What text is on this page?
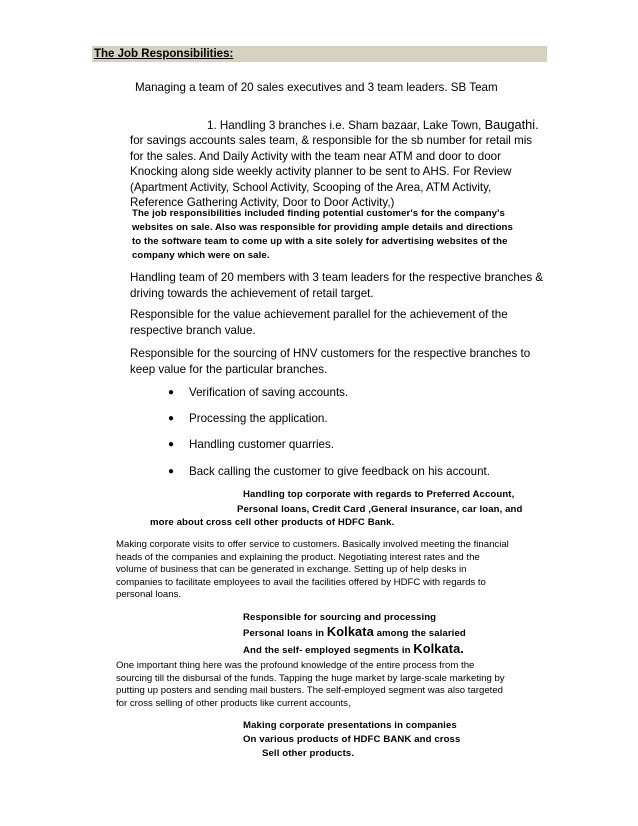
The Job Responsibilities:
Managing a team of 20 sales executives and 3 team leaders. SB Team
1. Handling 3 branches i.e. Sham bazaar, Lake Town, Baugathi.
for savings accounts sales team, & responsible for the sb number for retail mis
for the sales. And Daily Activity with the team near ATM and door to door
Knocking along side weekly activity planner to be sent to AHS. For Review
(Apartment Activity, School Activity, Scooping of the Area, ATM Activity,
Reference Gathering Activity, Door to Door Activity,)
The job responsibilities included finding potential customer's for the company's
websites on sale. Also was responsible for providing ample details and directions
to the software team to come up with a site solely for advertising websites of the
company which were on sale.
Handling team of 20 members with 3 team leaders for the respective branches &
driving towards the achievement of retail target.
Responsible for the value achievement parallel for the achievement of the
respective branch value.
Responsible for the sourcing of HNV customers for the respective branches to
keep value for the particular branches.
● Verification of saving accounts.
● Processing the application.
● Handling customer quarries.
● Back calling the customer to give feedback on his account.
Handling top corporate with regards to Preferred Account,
Personal loans, Credit Card ,General insurance, car loan, and
more about cross cell other products of HDFC Bank.
Making corporate visits to offer service to customers. Basically involved meeting the financial
heads of the companies and explaining the product. Negotiating interest rates and the
volume of business that can be generated in exchange. Setting up of help desks in
companies to facilitate employees to avail the facilities offered by HDFC with regards to
personal loans.
Responsible for sourcing and processing
Personal loans in Kolkata among the salaried
And the self- employed segments in Kolkata.
One important thing here was the profound knowledge of the entire process from the
sourcing till the disbursal of the funds. Tapping the huge market by large-scale marketing by
putting up posters and sending mail busters. The self-employed segment was also targeted
for cross selling of other products like current accounts,
Making corporate presentations in companies
On various products of HDFC BANK and cross
Sell other products.
